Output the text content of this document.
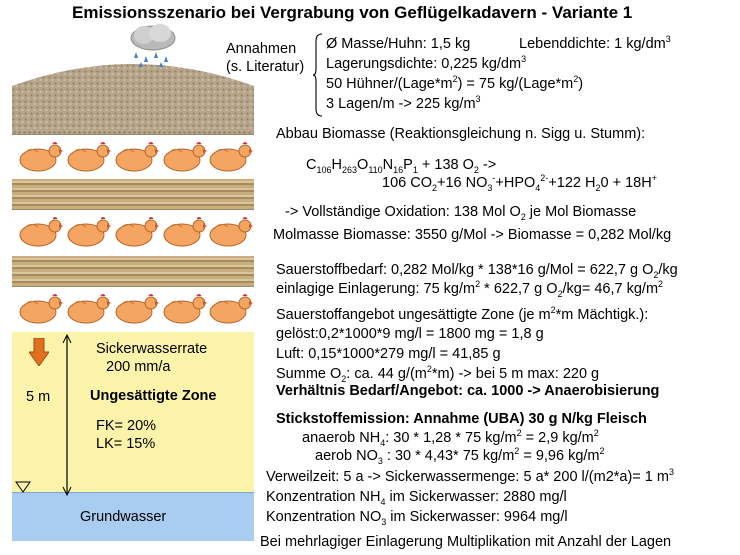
Emissionsszenario bei Vergrabung von Geflügelkadavern - Variante 1
Sickerwasserrate
200 mm/a
5 m	Ungesättigte Zone
FK= 20%
LK= 15%
Grundwasser
Annahmen
(s. Literatur)
Ø Masse/Huhn: 1,5 kg	Lebenddichte: 1 $kg/dm^3$
Lagerungsdichte: 0,225 $kg/dm^3$
50 Hühner/$(Lage*m^2) = 75$ $kg/(Lage*m^2)$
3 Lagen/m -> 225 $kg/m^3$
Abbau Biomasse (Reaktionsgleichung n. Sigg u. Stumm):
$C_{106}H_{263}O_{110}N_{16}P_1 + 138$ $O_2$ ->
106 $CO_2+16$ $NO_3^-+HPO_4^{2-}+122$ $H_20 + 18H^+$
-> Vollständige Oxidation: 138 Mol $O_2$ je Mol Biomasse
Molmasse Biomasse: 3550 g/Mol -> Biomasse = 0,282 Mol/kg
Sauerstoffbedarf: 0,282 Mol/kg * 138*16 g/Mol = 622,7 g $O_2/kg$
einlagige Einlagerung: 75 $kg/m^2 * 622,7$ g $O_2/kg= 46,7$ $kg/m^2$
Sauerstoffangebot ungesättigte Zone (je $m^2*m$ Mächtigk.):
gelöst:0,2*1000*9 mg/l = 1800 mg = 1,8 g
Luft: 0,15*1000*279 mg/l = 41,85 g
Summe $O_2$: ca. 44 $g/(m^2*m)$ -> bei 5 m max: 220 g
Verhältnis Bedarf/Angebot: ca. 1000 -> Anaerobisierung
Stickstoffemission: Annahme (UBA) 30 g N/kg Fleisch
anaerob $NH_4$: 30 * 1,28 * 75 $kg/m^2 = 2,9$ $kg/m^2$
aerob $NO_3$ : 30 * 4,43* 75 $kg/m^2 = 9,96$ $kg/m^2$
Verweilzeit: 5 a -> Sickerwassermenge: 5 a* 200 l/(m2*a)= 1 $m^3$
Konzentration $NH_4$ im Sickerwasser: 2880 mg/l
Konzentration $NO_3$ im Sickerwasser: 9964 mg/l
Bei mehrlagiger Einlagerung Multiplikation mit Anzahl der Lagen
